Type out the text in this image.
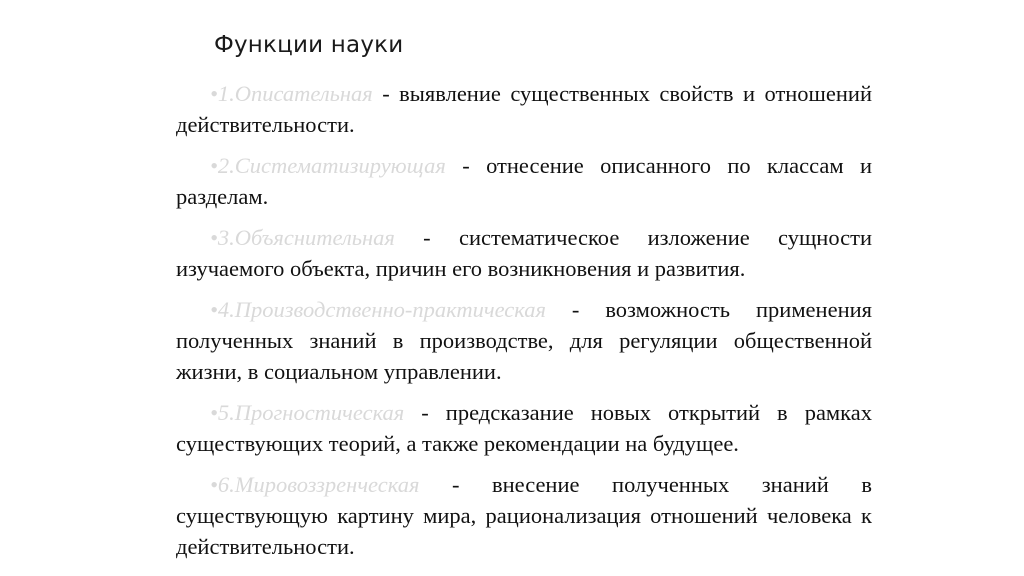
Функции науки

•1.Описательная - выявление существенных свойств и отношений действительности.

•2.Систематизирующая - отнесение описанного по классам и разделам.

•3.Объяснительная - систематическое изложение сущности изучаемого объекта, причин его возникновения и развития.

•4.Производственно-практическая - возможность применения полученных знаний в производстве, для регуляции общественной жизни, в социальном управлении.

•5.Прогностическая - предсказание новых открытий в рамках существующих теорий, а также рекомендации на будущее.

•6.Мировоззренческая - внесение полученных знаний в существующую картину мира, рационализация отношений человека к действительности.
